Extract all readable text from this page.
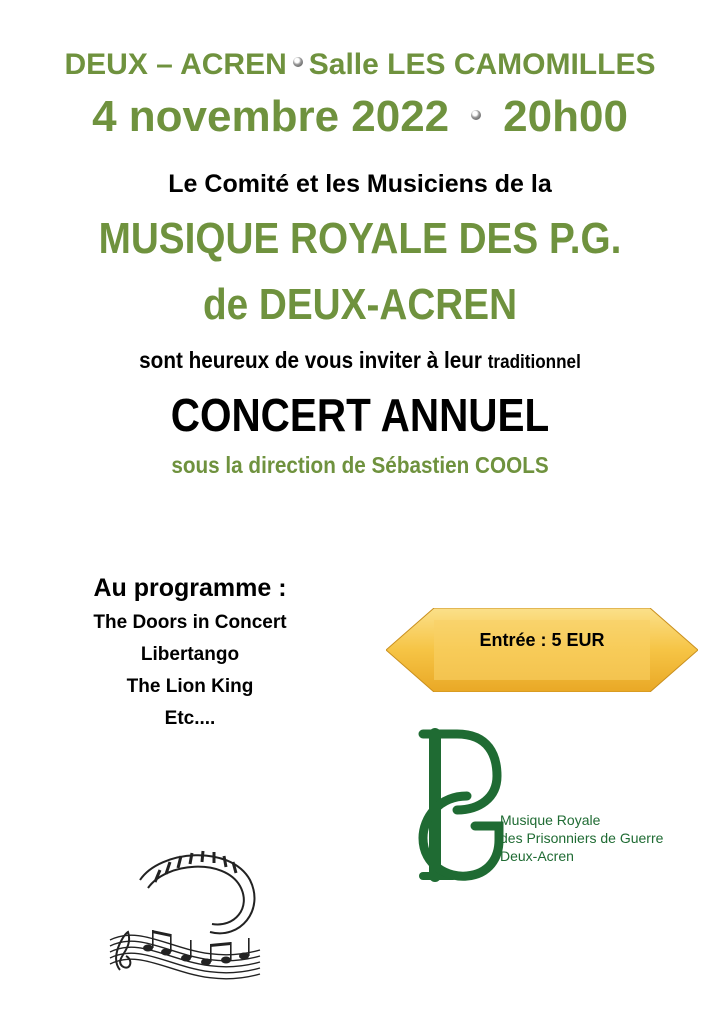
DEUX – ACREN Salle LES CAMOMILLES
4 novembre 2022 20h00
Le Comité et les Musiciens de la
MUSIQUE ROYALE DES P.G.
de DEUX-ACREN
sont heureux de vous inviter à leur traditionnel
CONCERT ANNUEL
sous la direction de Sébastien COOLS
Au programme :
The Doors in Concert
Libertango
The Lion King
Etc....
Entrée : 5 EUR
Musique Royale
des Prisonniers de Guerre
Deux-Acren
